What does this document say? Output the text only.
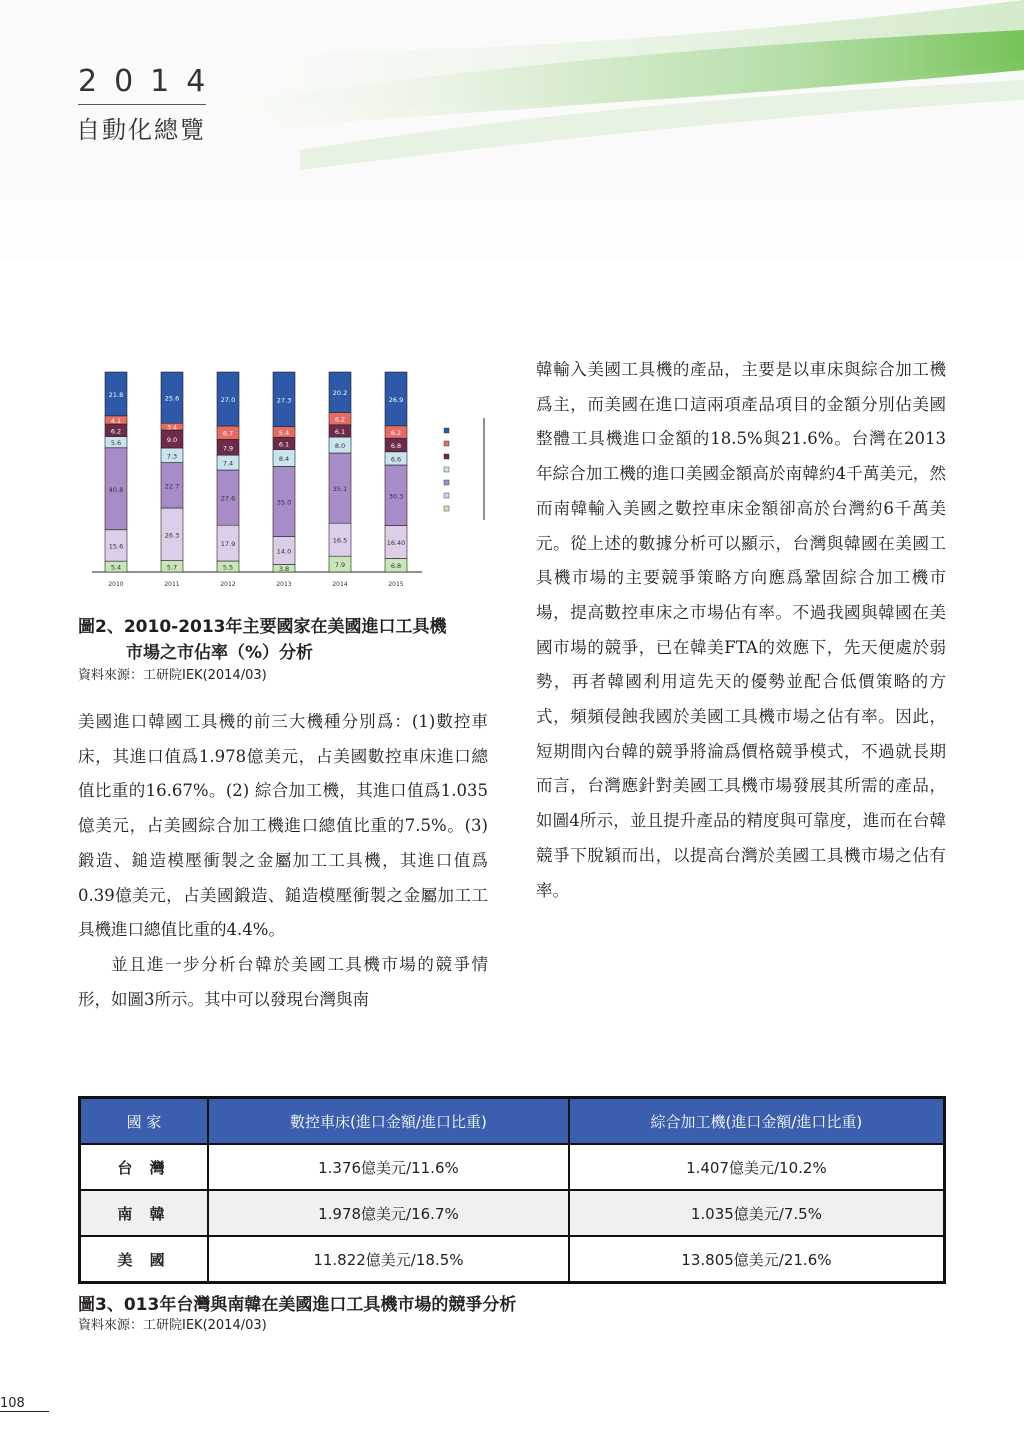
2014
自動化總覽
5.4
15.6
40.8
5.6
6.2
4.1
21.8
2010
5.7
26.3
22.7
7.3
9.0
3.4
25.6
2011
5.5
17.9
27.6
7.4
7.9
6.7
27.0
2012
3.8
14.0
35.0
8.4
6.1
5.4
27.3
2013
7.9
16.5
35.1
8.0
6.1
6.2
20.2
2014
6.8
16.40
30.3
6.6
6.8
6.2
26.9
2015
圖2、2010-2013年主要國家在美國進口工具機
市場之市佔率（%）分析
資料來源：工研院IEK(2014/03)

美國進口韓國工具機的前三大機種分別爲：(1)數控車床，其進口值爲1.978億美元，占美國數控車床進口總值比重的16.67%。(2) 綜合加工機，其進口值爲1.035億美元，占美國綜合加工機進口總值比重的7.5%。(3) 鍛造、鎚造模壓衝製之金屬加工工具機，其進口值爲0.39億美元，占美國鍛造、鎚造模壓衝製之金屬加工工具機進口總值比重的4.4%。

並且進一步分析台韓於美國工具機市場的競爭情形，如圖3所示。其中可以發現台灣與南

韓輸入美國工具機的產品，主要是以車床與綜合加工機爲主，而美國在進口這兩項產品項目的金額分別佔美國整體工具機進口金額的18.5%與21.6%。台灣在2013年綜合加工機的進口美國金額高於南韓約4千萬美元，然而南韓輸入美國之數控車床金額卻高於台灣約6千萬美元。從上述的數據分析可以顯示，台灣與韓國在美國工具機市場的主要競爭策略方向應爲鞏固綜合加工機市場，提高數控車床之市場佔有率。不過我國與韓國在美國市場的競爭，已在韓美FTA的效應下，先天便處於弱勢，再者韓國利用這先天的優勢並配合低價策略的方式，頻頻侵蝕我國於美國工具機市場之佔有率。因此，短期間內台韓的競爭將淪爲價格競爭模式，不過就長期而言，台灣應針對美國工具機市場發展其所需的產品，如圖4所示，並且提升產品的精度與可靠度，進而在台韓競爭下脫穎而出，以提高台灣於美國工具機市場之佔有率。

國 家	數控車床(進口金額/進口比重)	綜合加工機(進口金額/進口比重)
台 灣	1.376億美元/11.6%	1.407億美元/10.2%
南 韓	1.978億美元/16.7%	1.035億美元/7.5%
美 國	11.822億美元/18.5%	13.805億美元/21.6%
圖3、013年台灣與南韓在美國進口工具機市場的競爭分析
資料來源：工研院IEK(2014/03)
108
